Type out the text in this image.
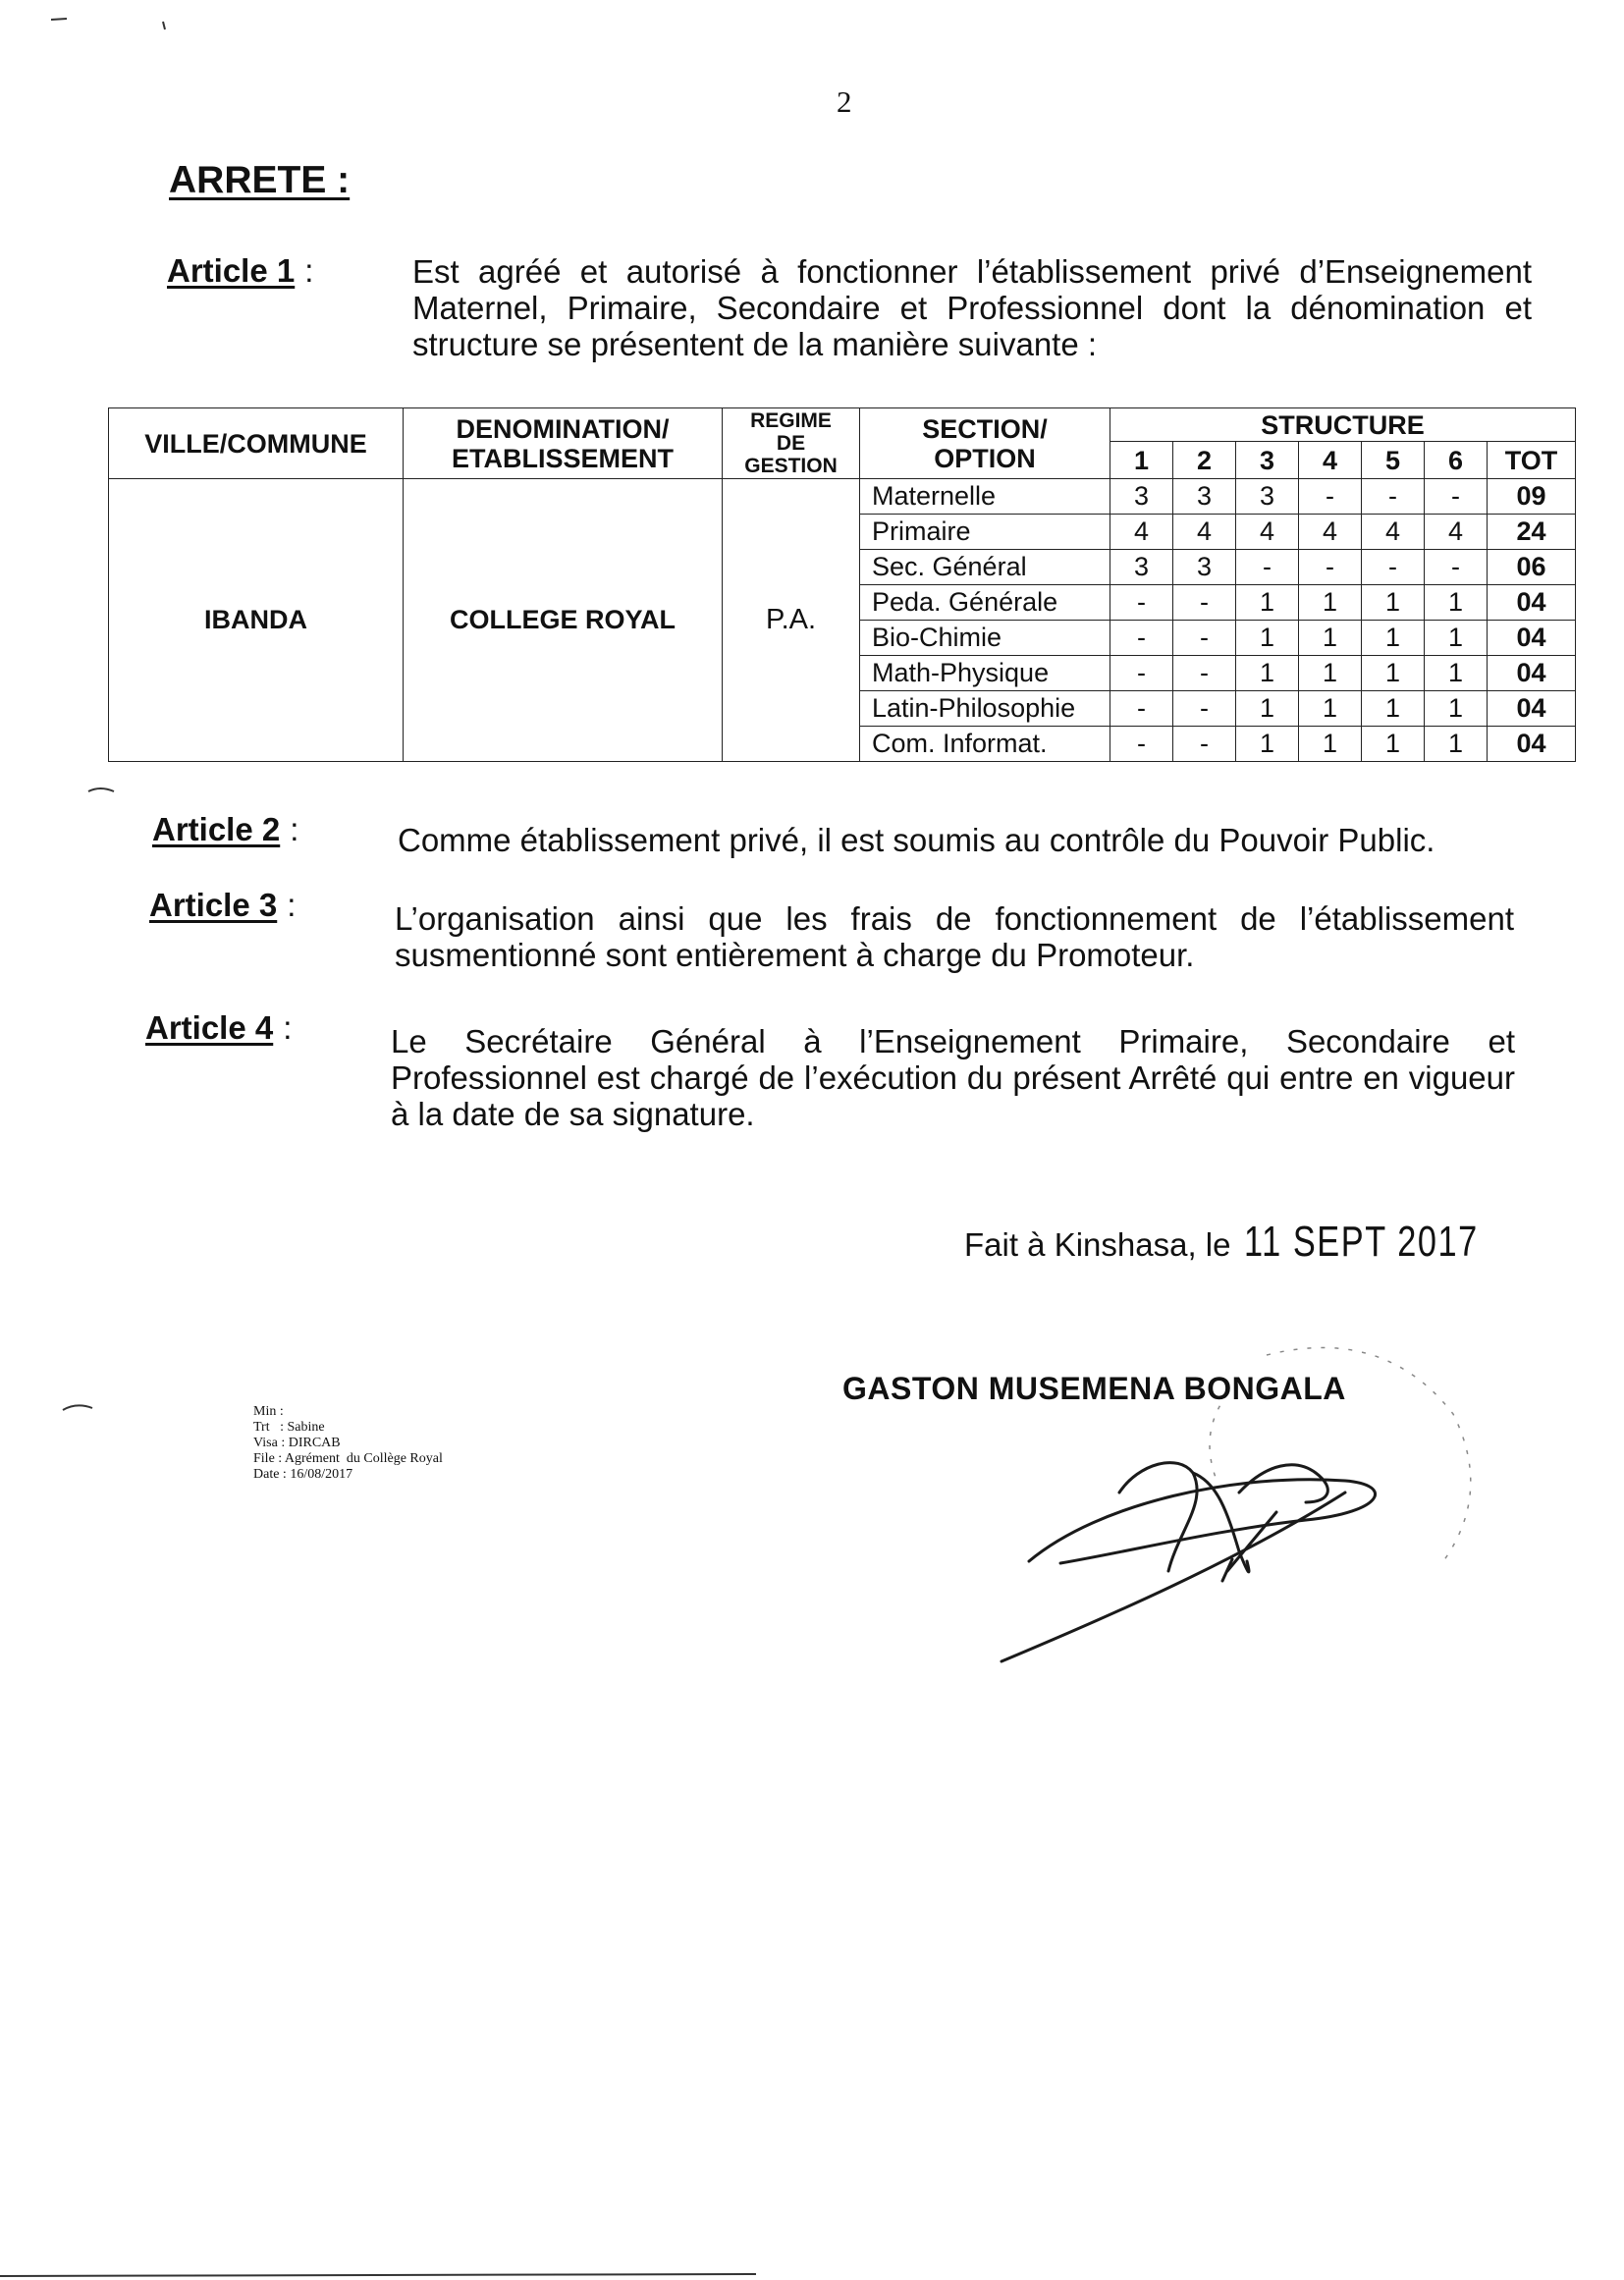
2
ARRETE :
Article 1 :	Est agréé et autorisé à fonctionner l’établissement privé d’Enseignement Maternel, Primaire, Secondaire et Professionnel dont la dénomination et structure se présentent de la manière suivante :
VILLE/COMMUNE	DENOMINATION/ ETABLISSEMENT	REGIME DE GESTION	SECTION/ OPTION	STRUCTURE						
				1	2	3	4	5	6	TOT
IBANDA	COLLEGE ROYAL	P.A.	Maternelle	3	3	3	-	-	-	09
			Primaire	4	4	4	4	4	4	24
			Sec. Général	3	3	-	-	-	-	06
			Peda. Générale	-	-	1	1	1	1	04
			Bio-Chimie	-	-	1	1	1	1	04
			Math-Physique	-	-	1	1	1	1	04
			Latin-Philosophie	-	-	1	1	1	1	04
			Com. Informat.	-	-	1	1	1	1	04
Article 2 :	Comme établissement privé, il est soumis au contrôle du Pouvoir Public.
Article 3 :	L’organisation ainsi que les frais de fonctionnement de l’établissement susmentionné sont entièrement à charge du Promoteur.
Article 4 :	Le Secrétaire Général à l’Enseignement Primaire, Secondaire et Professionnel est chargé de l’exécution du présent Arrêté qui entre en vigueur à la date de sa signature.
Fait à Kinshasa, le 11 SEPT 2017
GASTON MUSEMENA BONGALA
Min :
Trt   : Sabine
Visa : DIRCAB
File : Agrément  du Collège Royal
Date : 16/08/2017
